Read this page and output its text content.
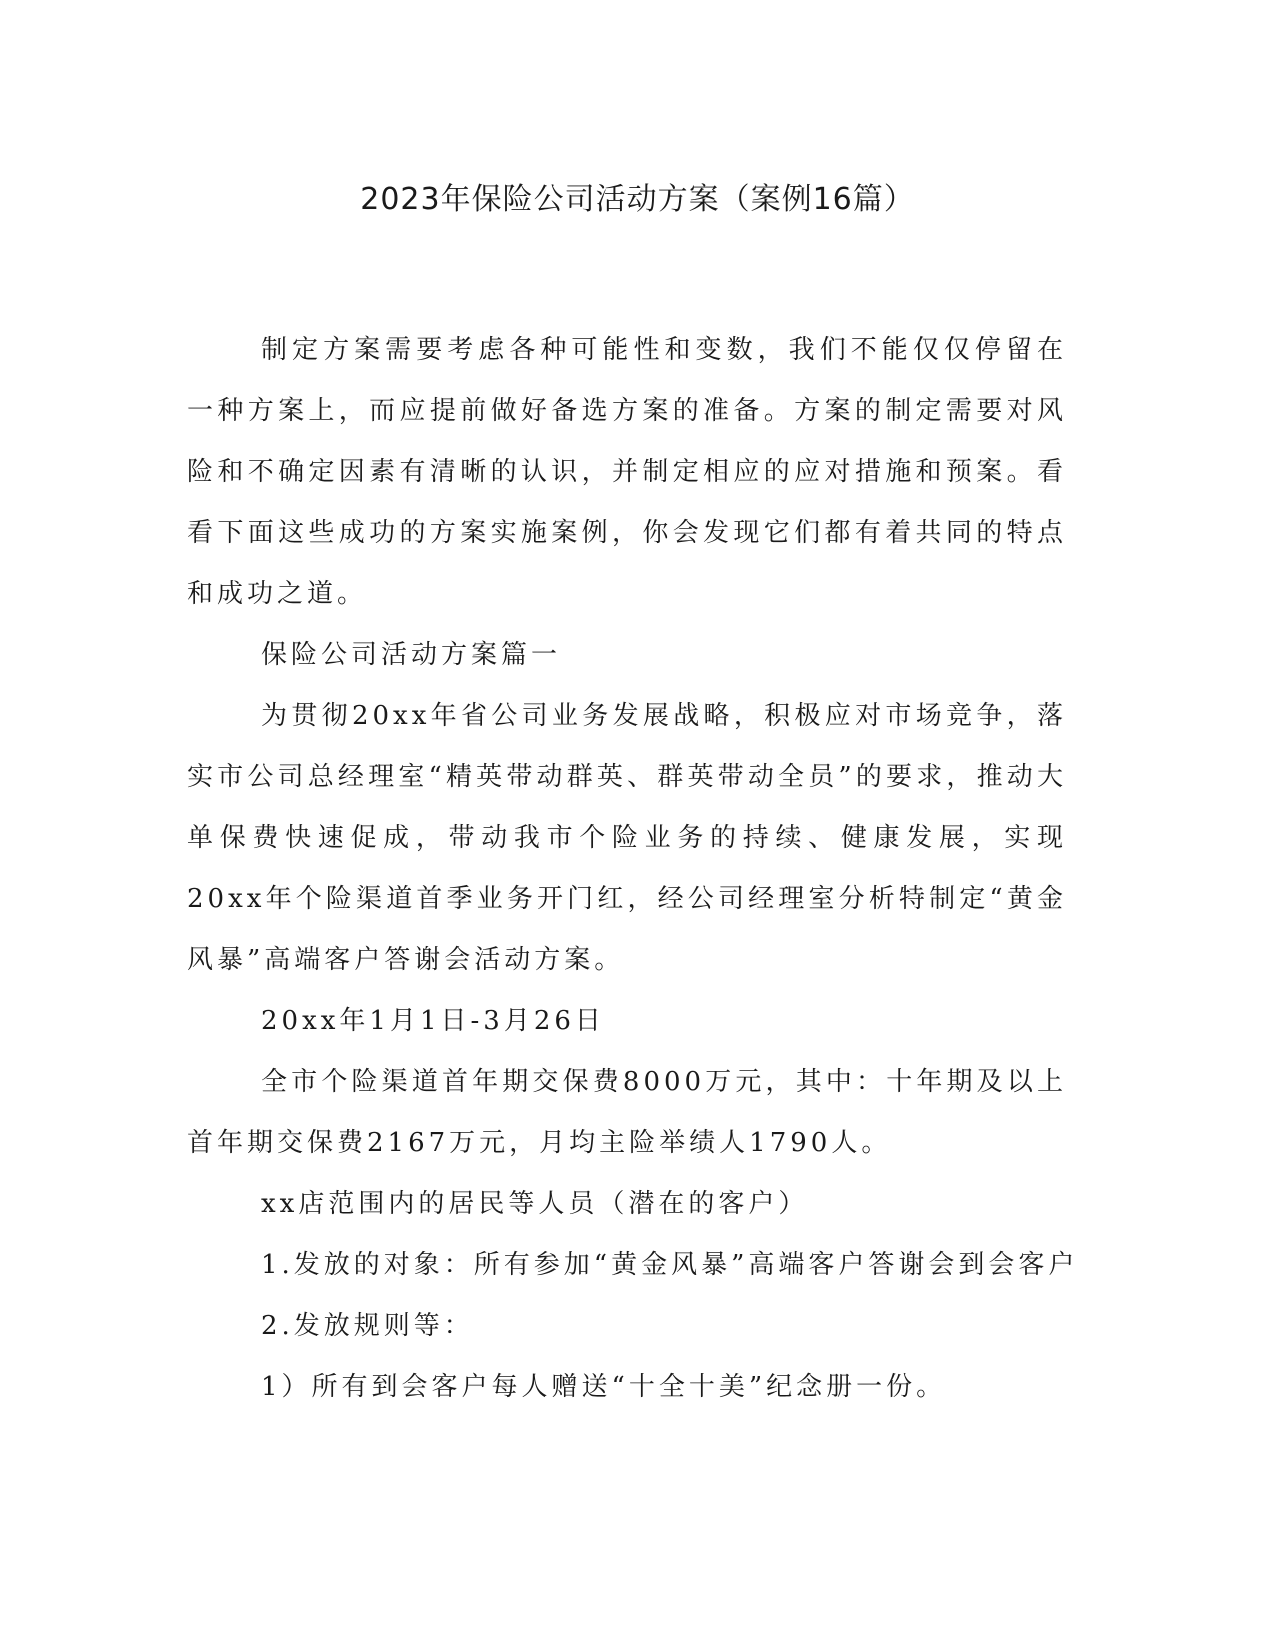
2023年保险公司活动方案（案例16篇）

制定方案需要考虑各种可能性和变数，我们不能仅仅停留在一种方案上，而应提前做好备选方案的准备。方案的制定需要对风险和不确定因素有清晰的认识，并制定相应的应对措施和预案。看看下面这些成功的方案实施案例，你会发现它们都有着共同的特点和成功之道。

保险公司活动方案篇一

为贯彻20xx年省公司业务发展战略，积极应对市场竞争，落实市公司总经理室“精英带动群英、群英带动全员”的要求，推动大单保费快速促成，带动我市个险业务的持续、健康发展，实现20xx年个险渠道首季业务开门红，经公司经理室分析特制定“黄金风暴”高端客户答谢会活动方案。

20xx年1月1日-3月26日

全市个险渠道首年期交保费8000万元，其中：十年期及以上首年期交保费2167万元，月均主险举绩人1790人。

xx店范围内的居民等人员（潜在的客户）

1.发放的对象：所有参加“黄金风暴”高端客户答谢会到会客户

2.发放规则等：

1）所有到会客户每人赠送“十全十美”纪念册一份。
